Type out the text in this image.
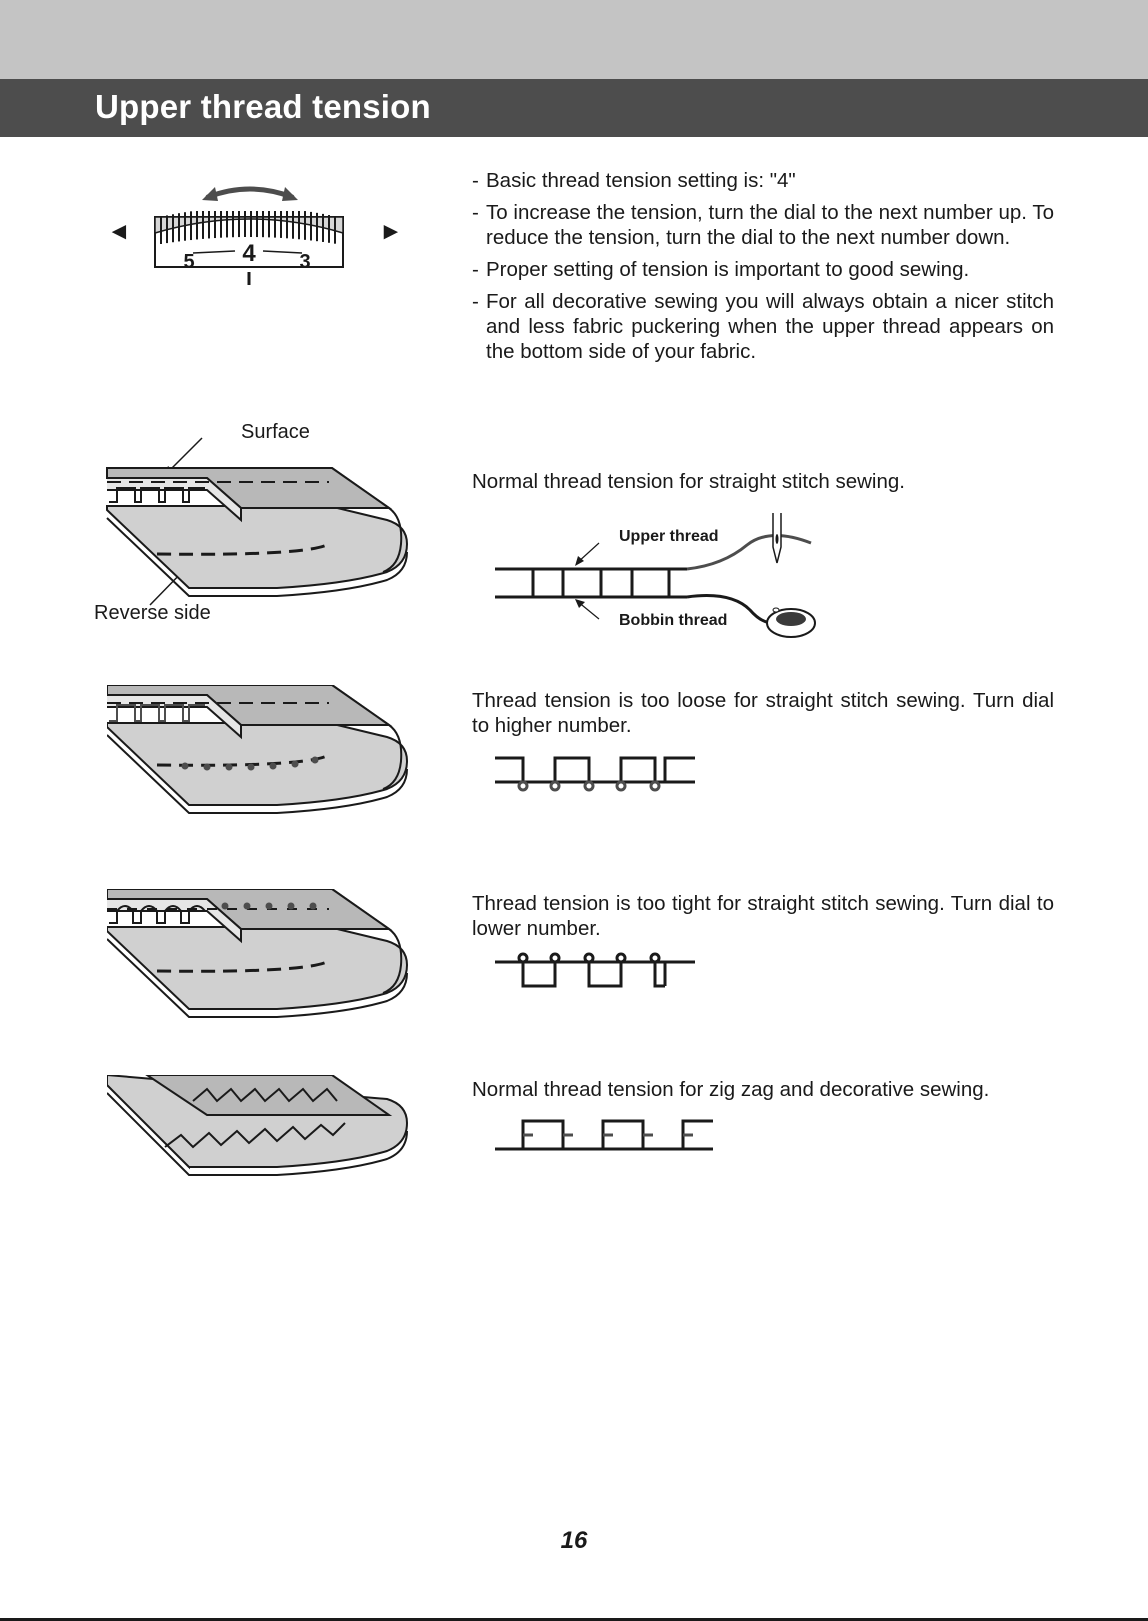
Upper thread tension
◄	►
4
5	3

- Basic thread tension setting is: "4"

- To increase the tension, turn the dial to the next number up. To reduce the tension, turn the dial to the next number down.

- Proper setting of tension is important to good sewing.

- For all decorative sewing you will always obtain a nicer stitch and less fabric puckering when the upper thread appears on the bottom side of your fabric.

Surface
Reverse side

Normal thread tension for straight stitch sewing.

Upper thread
Bobbin thread

Thread tension is too loose for straight stitch sewing. Turn dial to higher number.

Thread tension is too tight for straight stitch sewing. Turn dial to lower number.

Normal thread tension for zig zag and decorative sewing.

16
